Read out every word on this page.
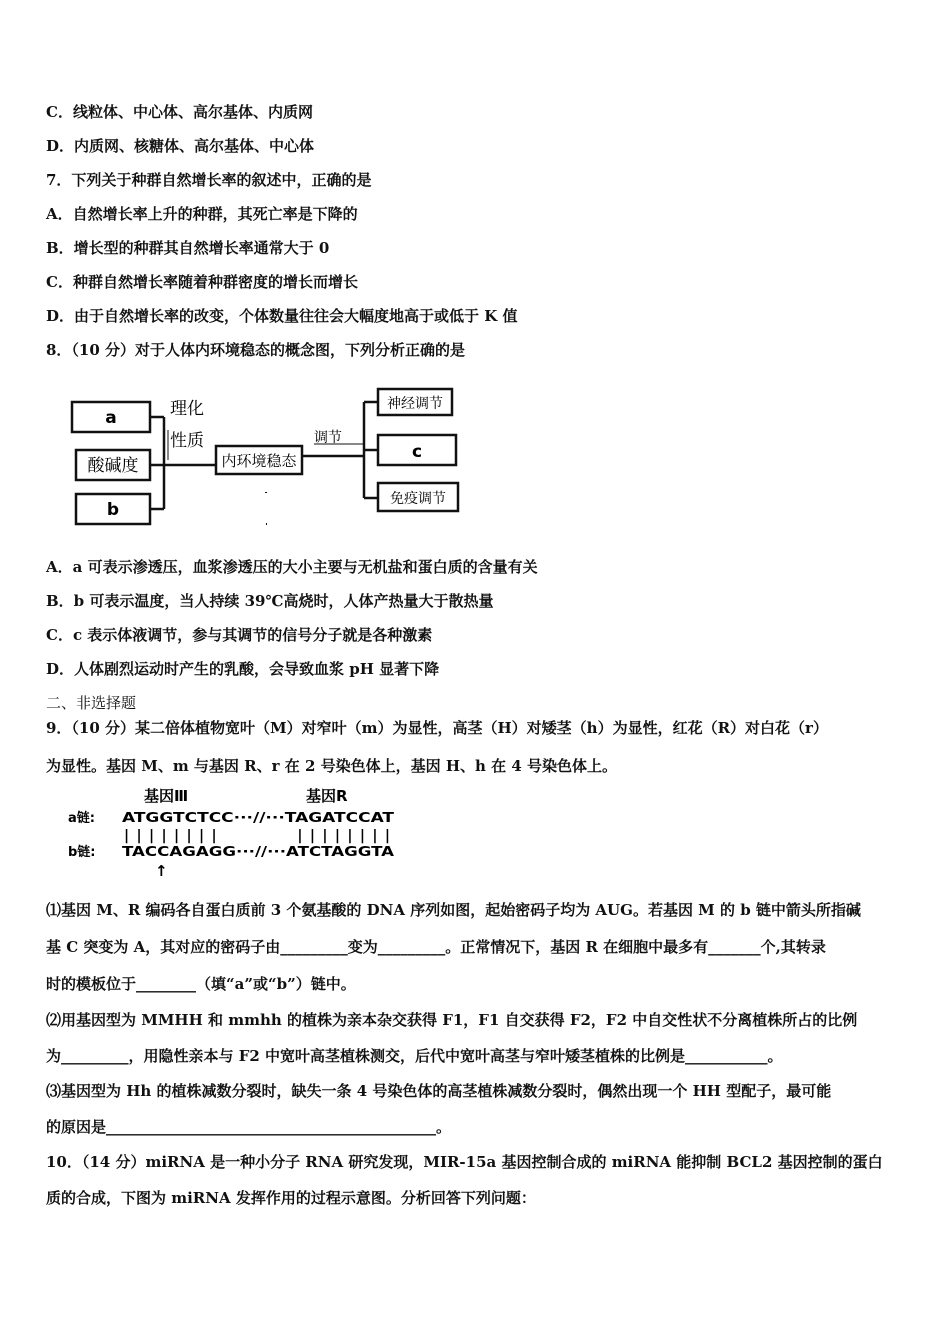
C．线粒体、中心体、高尔基体、内质网
D．内质网、核糖体、高尔基体、中心体
7．下列关于种群自然增长率的叙述中，正确的是
A．自然增长率上升的种群，其死亡率是下降的
B．增长型的种群其自然增长率通常大于 0
C．种群自然增长率随着种群密度的增长而增长
D．由于自然增长率的改变，个体数量往往会大幅度地高于或低于 K 值
8．（10 分）对于人体内环境稳态的概念图，下列分析正确的是
a
酸碱度
b
理化
性质
内环境稳态
调节
神经调节
c
免疫调节
A．a 可表示渗透压，血浆渗透压的大小主要与无机盐和蛋白质的含量有关
B．b 可表示温度，当人持续 39℃高烧时，人体产热量大于散热量
C．c 表示体液调节，参与其调节的信号分子就是各种激素
D．人体剧烈运动时产生的乳酸，会导致血浆 pH 显著下降
二、非选择题
9．（10 分）某二倍体植物宽叶（M）对窄叶（m）为显性，高茎（H）对矮茎（h）为显性，红花（R）对白花（r）
为显性。基因 M、m 与基因 R、r 在 2 号染色体上，基因 H、h 在 4 号染色体上。
基因Ⅲ	基因R
a链:
b链:
ATGGTCTCC···//···TAGATCCAT
||||||||      ||||||||
TACCAGAGG···//···ATCTAGGTA
↑
⑴基因 M、R 编码各自蛋白质前 3 个氨基酸的 DNA 序列如图，起始密码子均为 AUG。若基因 M 的 b 链中箭头所指碱
基 C 突变为 A，其对应的密码子由_________变为_________。正常情况下，基因 R 在细胞中最多有_______个,其转录
时的模板位于________（填“a”或“b”）链中。
⑵用基因型为 MMHH 和 mmhh 的植株为亲本杂交获得 F1，F1 自交获得 F2，F2 中自交性状不分离植株所占的比例
为_________，用隐性亲本与 F2 中宽叶高茎植株测交，后代中宽叶高茎与窄叶矮茎植株的比例是___________。
⑶基因型为 Hh 的植株减数分裂时，缺失一条 4 号染色体的高茎植株减数分裂时，偶然出现一个 HH 型配子，最可能
的原因是____________________________________________。
10．（14 分）miRNA 是一种小分子 RNA 研究发现，MIR-15a 基因控制合成的 miRNA 能抑制 BCL2 基因控制的蛋白
质的合成，下图为 miRNA 发挥作用的过程示意图。分析回答下列问题：
